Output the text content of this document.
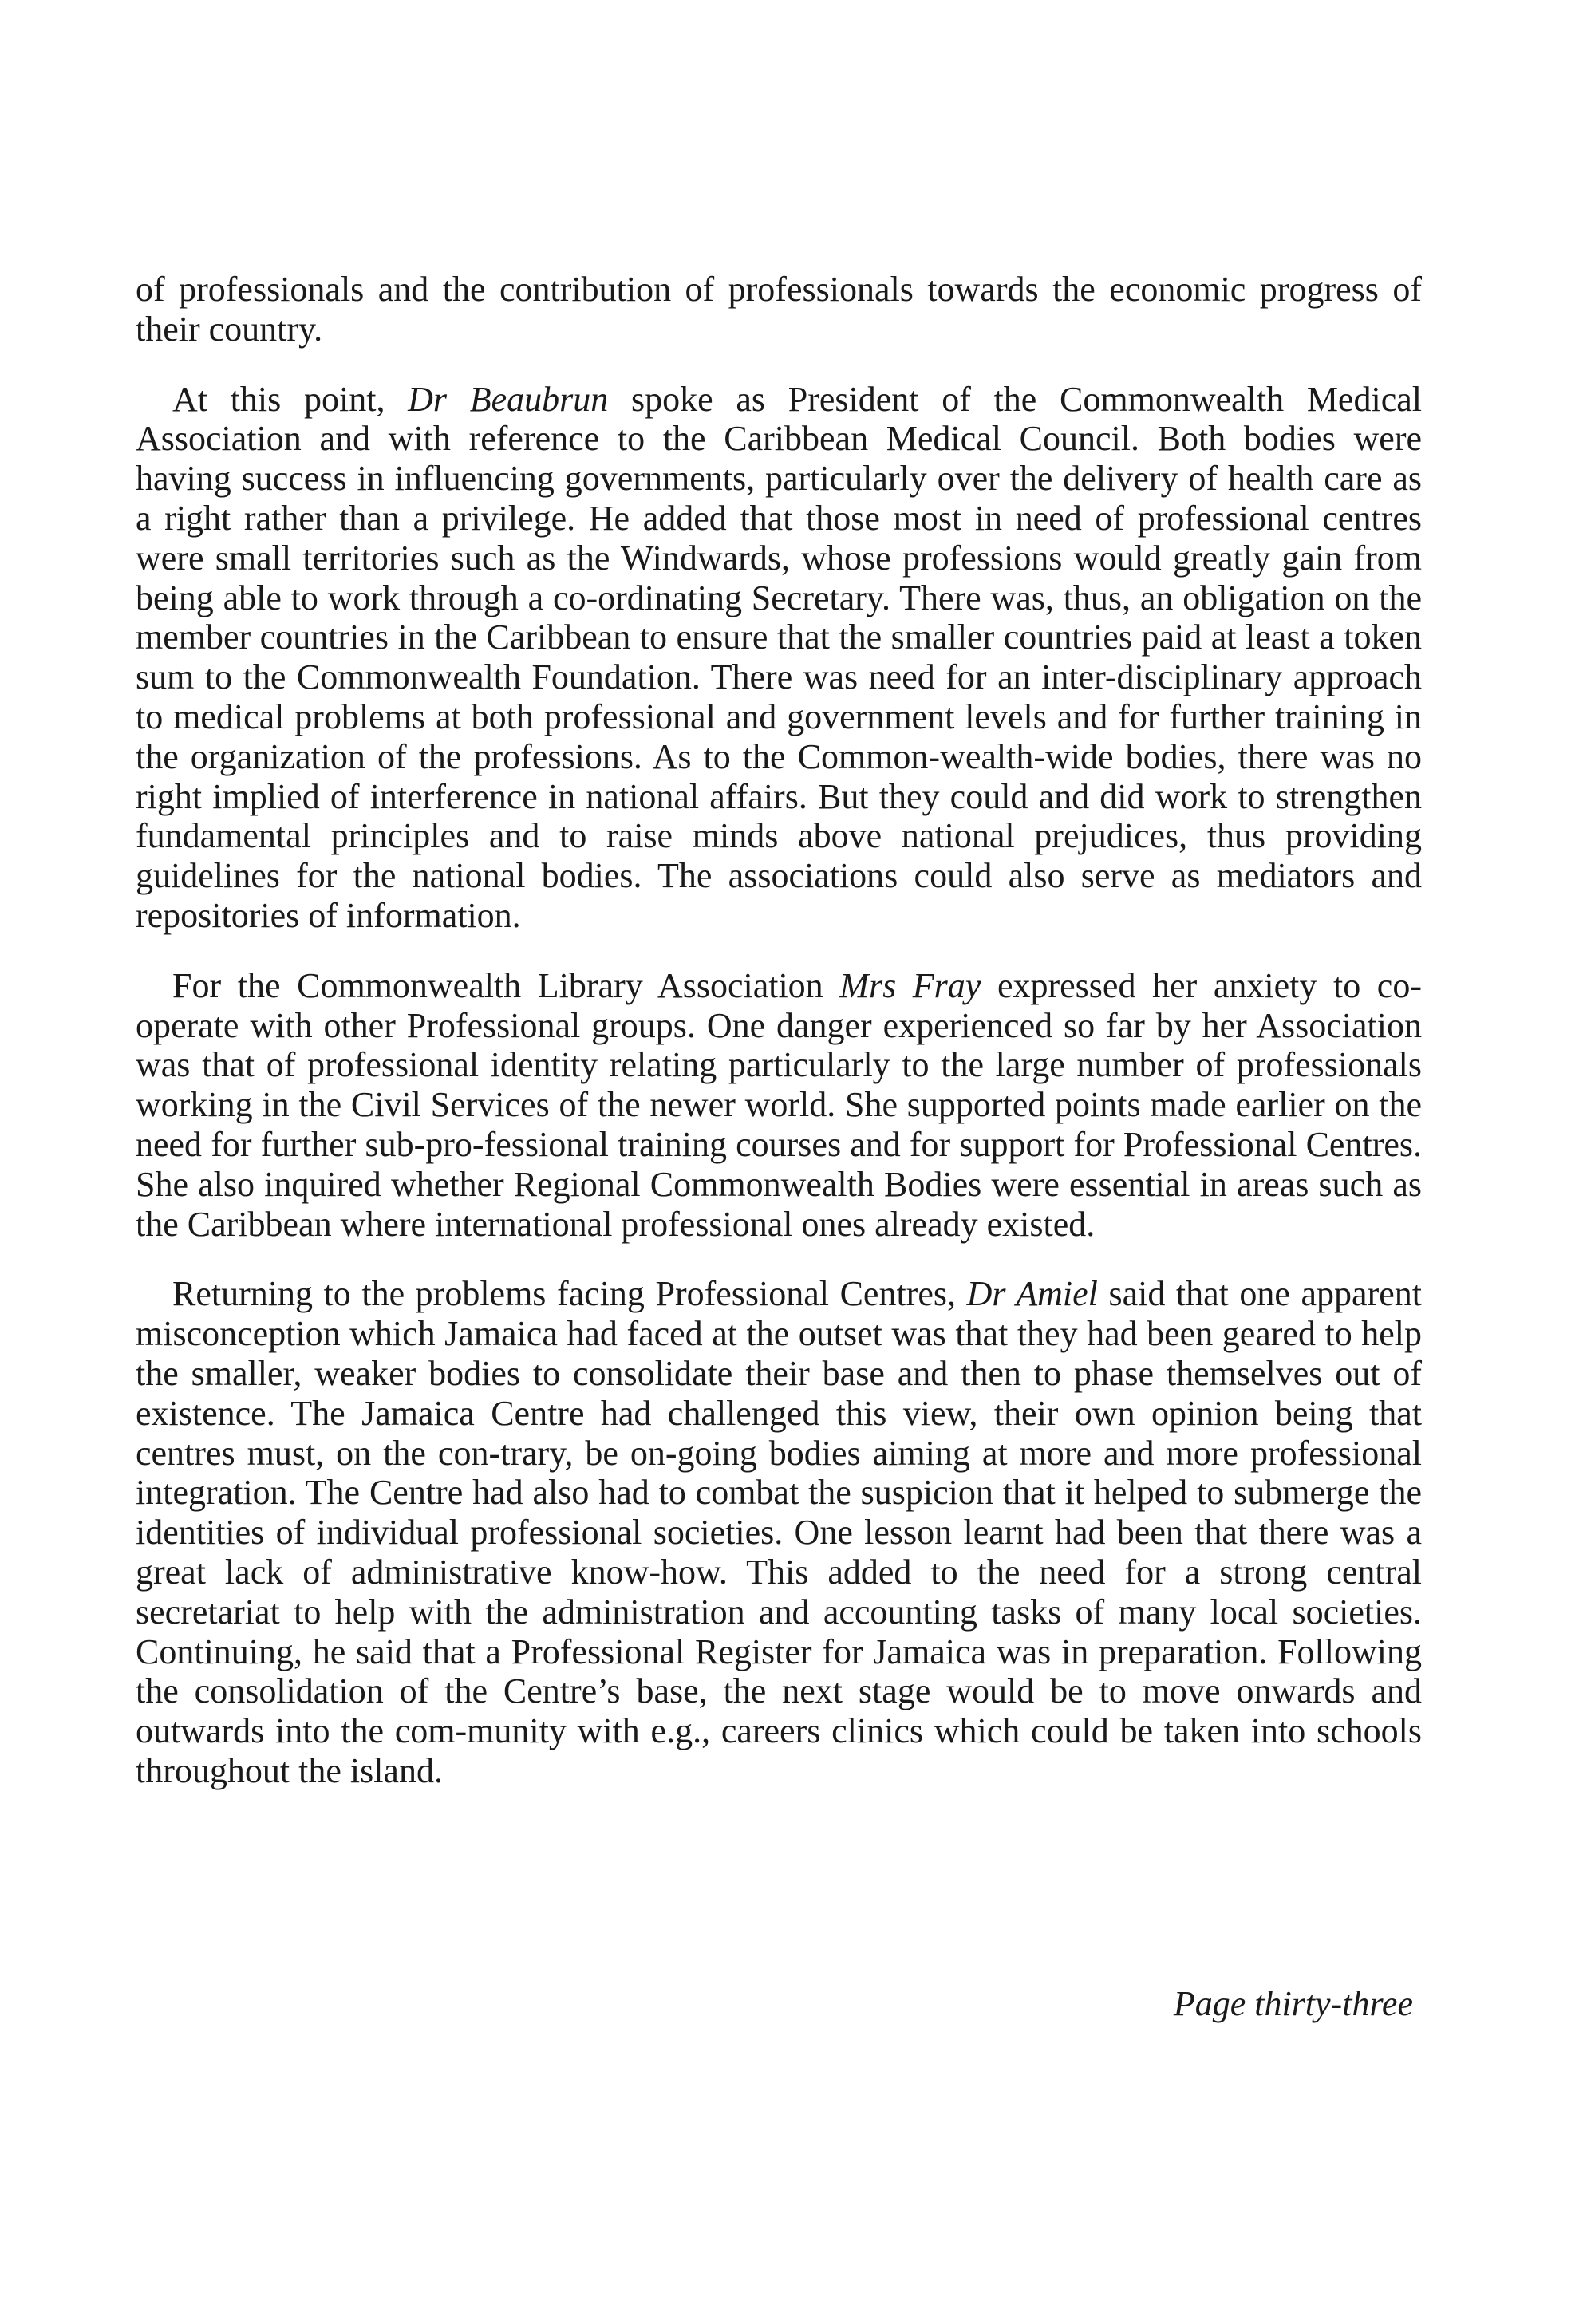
of professionals and the contribution of professionals towards the economic progress of their country.

At this point, Dr Beaubrun spoke as President of the Commonwealth Medical Association and with reference to the Caribbean Medical Council. Both bodies were having success in influencing governments, particularly over the delivery of health care as a right rather than a privilege. He added that those most in need of professional centres were small territories such as the Windwards, whose professions would greatly gain from being able to work through a co-ordinating Secretary. There was, thus, an obligation on the member countries in the Caribbean to ensure that the smaller countries paid at least a token sum to the Commonwealth Foundation. There was need for an inter-disciplinary approach to medical problems at both professional and government levels and for further training in the organization of the professions. As to the Common-wealth-wide bodies, there was no right implied of interference in national affairs. But they could and did work to strengthen fundamental principles and to raise minds above national prejudices, thus providing guidelines for the national bodies. The associations could also serve as mediators and repositories of information.

For the Commonwealth Library Association Mrs Fray expressed her anxiety to co-operate with other Professional groups. One danger experienced so far by her Association was that of professional identity relating particularly to the large number of professionals working in the Civil Services of the newer world. She supported points made earlier on the need for further sub-pro-fessional training courses and for support for Professional Centres. She also inquired whether Regional Commonwealth Bodies were essential in areas such as the Caribbean where international professional ones already existed.

Returning to the problems facing Professional Centres, Dr Amiel said that one apparent misconception which Jamaica had faced at the outset was that they had been geared to help the smaller, weaker bodies to consolidate their base and then to phase themselves out of existence. The Jamaica Centre had challenged this view, their own opinion being that centres must, on the con-trary, be on-going bodies aiming at more and more professional integration. The Centre had also had to combat the suspicion that it helped to submerge the identities of individual professional societies. One lesson learnt had been that there was a great lack of administrative know-how. This added to the need for a strong central secretariat to help with the administration and accounting tasks of many local societies. Continuing, he said that a Professional Register for Jamaica was in preparation. Following the consolidation of the Centre’s base, the next stage would be to move onwards and outwards into the com-munity with e.g., careers clinics which could be taken into schools throughout the island.

Page thirty-three
